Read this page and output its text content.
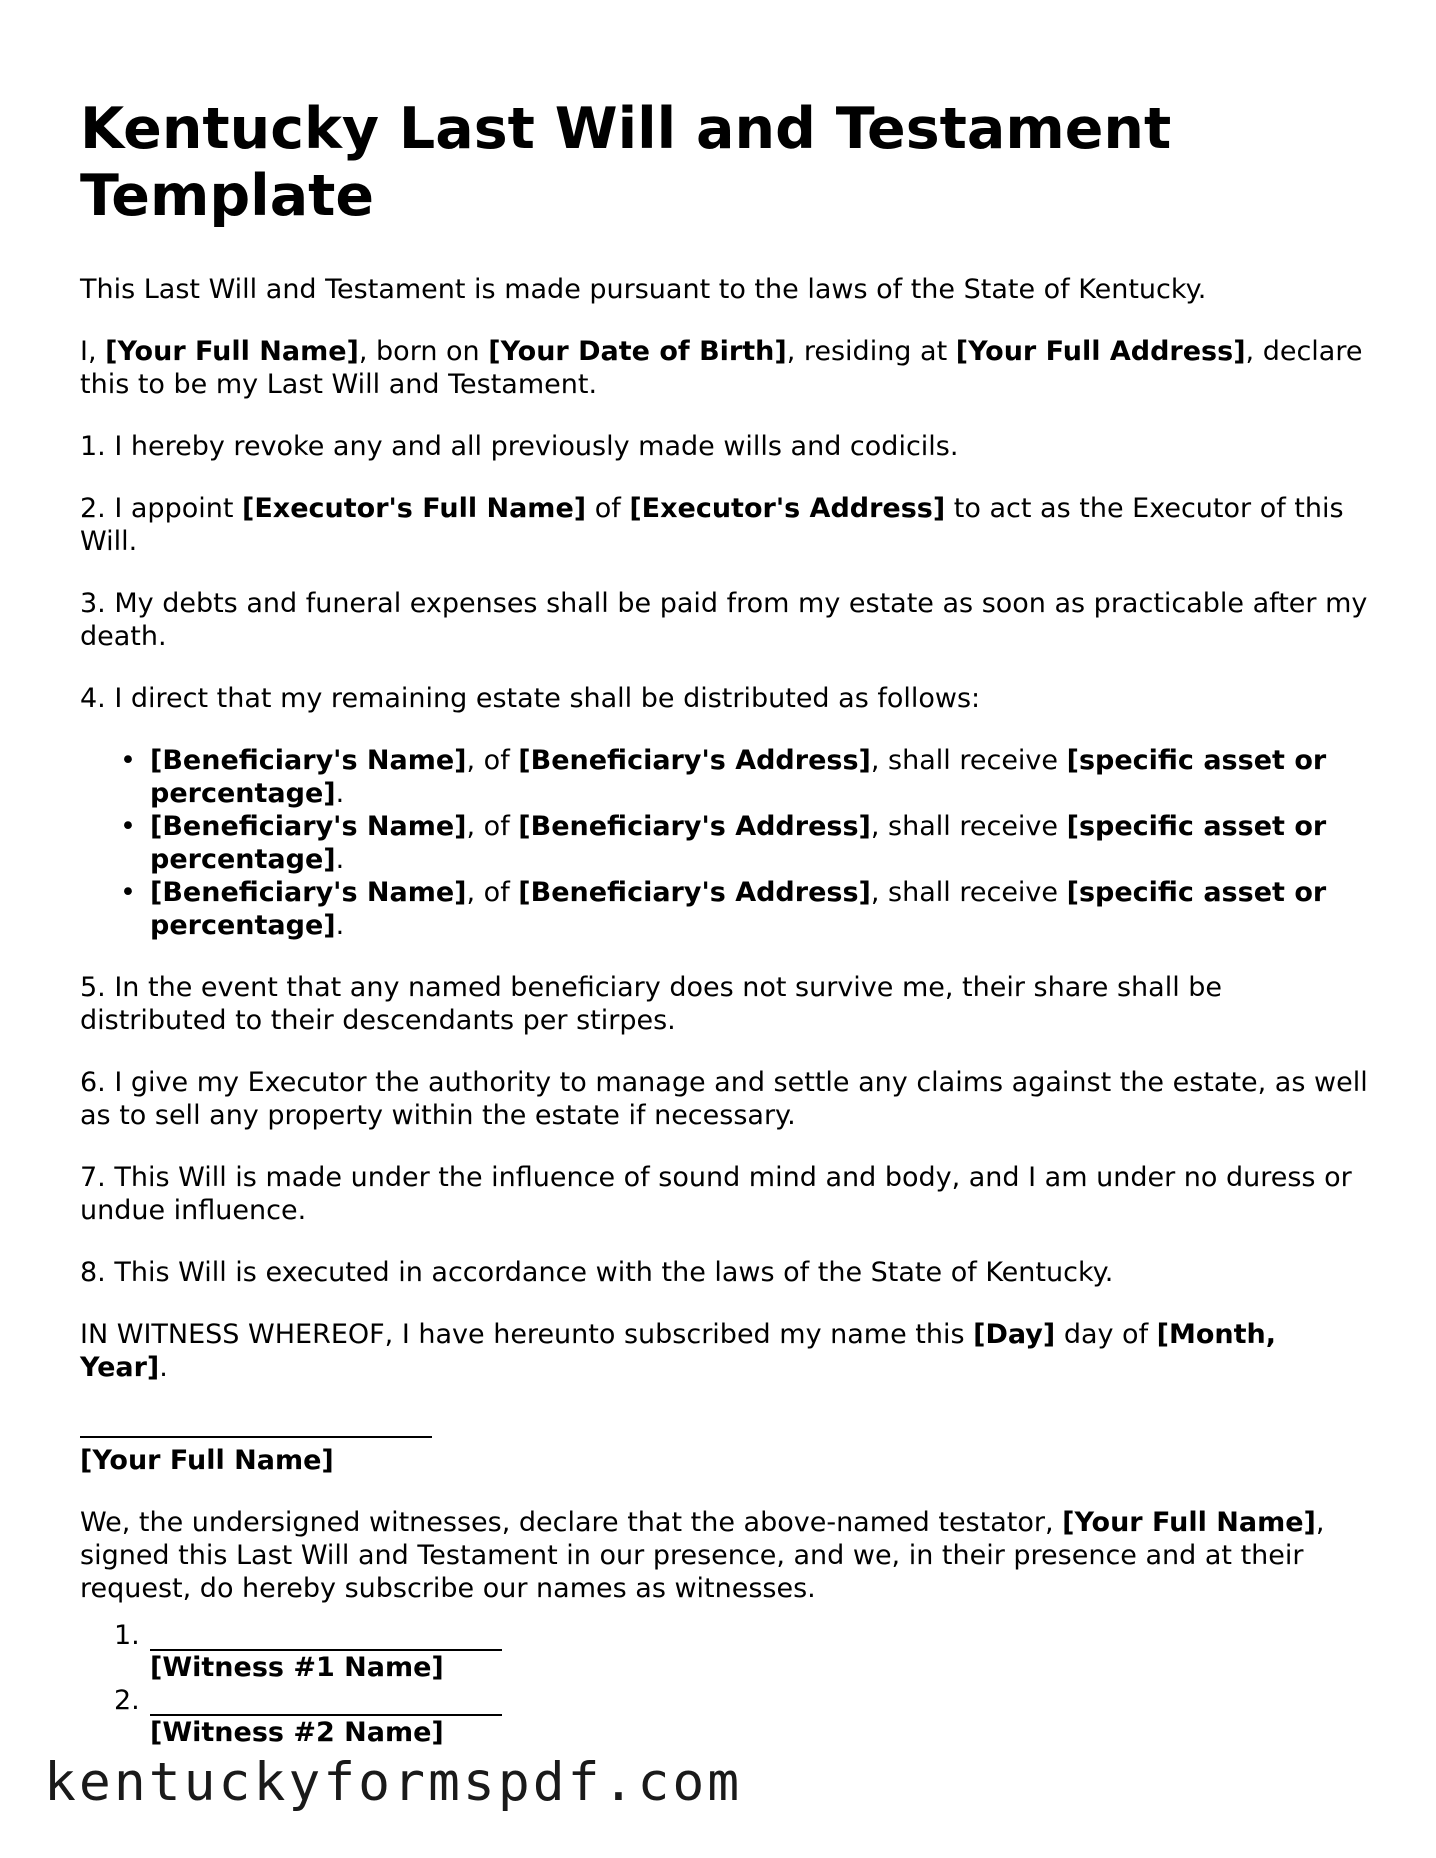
Kentucky Last Will and Testament Template

This Last Will and Testament is made pursuant to the laws of the State of Kentucky.

I, [Your Full Name], born on [Your Date of Birth], residing at [Your Full Address], declare this to be my Last Will and Testament.

1. I hereby revoke any and all previously made wills and codicils.

2. I appoint [Executor's Full Name] of [Executor's Address] to act as the Executor of this Will.

3. My debts and funeral expenses shall be paid from my estate as soon as practicable after my death.

4. I direct that my remaining estate shall be distributed as follows:

• [Beneficiary's Name], of [Beneficiary's Address], shall receive [specific asset or percentage].
• [Beneficiary's Name], of [Beneficiary's Address], shall receive [specific asset or percentage].
• [Beneficiary's Name], of [Beneficiary's Address], shall receive [specific asset or percentage].

5. In the event that any named beneficiary does not survive me, their share shall be distributed to their descendants per stirpes.

6. I give my Executor the authority to manage and settle any claims against the estate, as well as to sell any property within the estate if necessary.

7. This Will is made under the influence of sound mind and body, and I am under no duress or undue influence.

8. This Will is executed in accordance with the laws of the State of Kentucky.

IN WITNESS WHEREOF, I have hereunto subscribed my name this [Day] day of [Month, Year].

[Your Full Name]

We, the undersigned witnesses, declare that the above-named testator, [Your Full Name], signed this Last Will and Testament in our presence, and we, in their presence and at their request, do hereby subscribe our names as witnesses.

1.
[Witness #1 Name]
2.
[Witness #2 Name]
kentuckyformspdf.com
